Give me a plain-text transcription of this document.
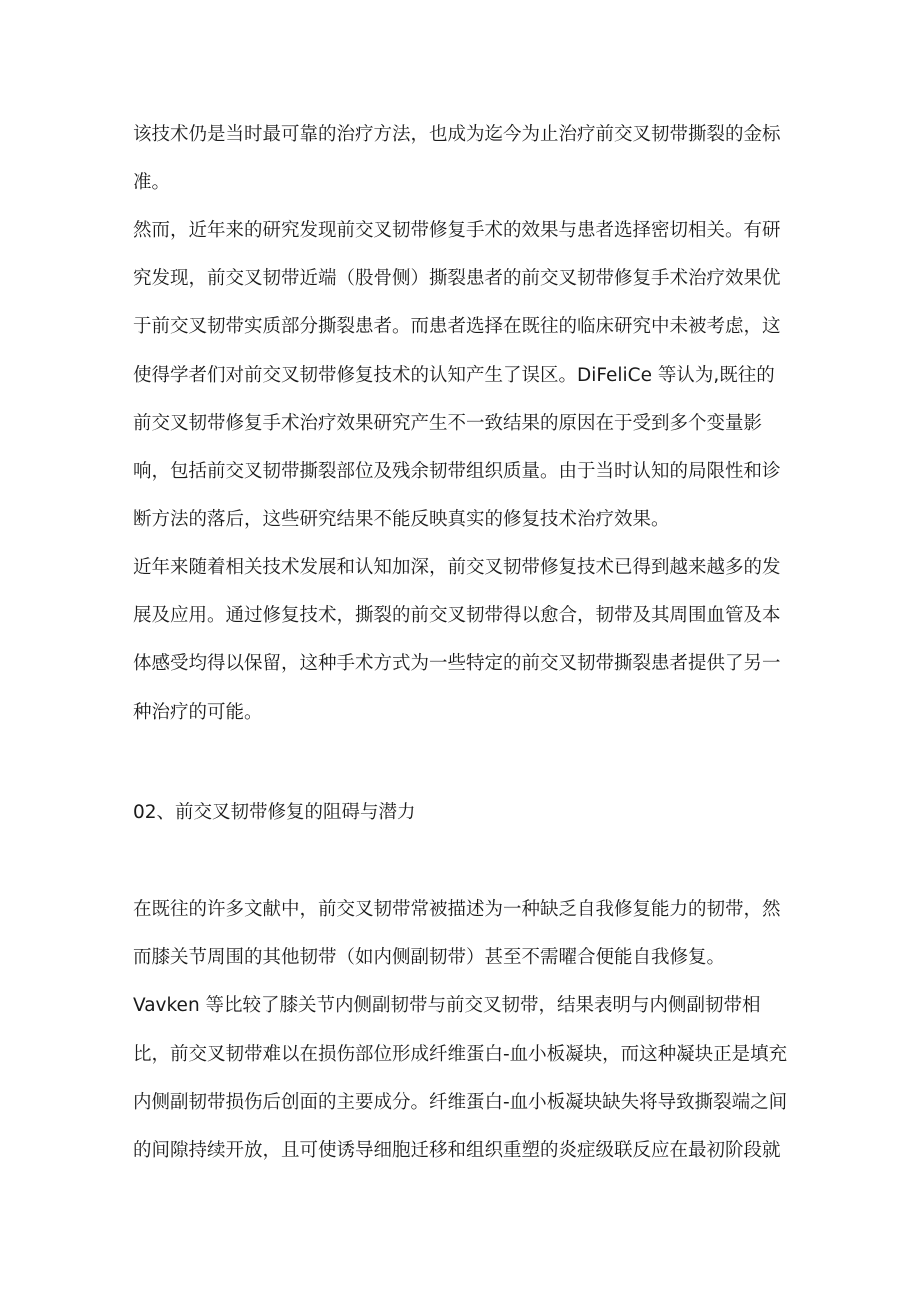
该技术仍是当时最可靠的治疗方法，也成为迄今为止治疗前交叉韧带撕裂的金标
准。
然而，近年来的研究发现前交叉韧带修复手术的效果与患者选择密切相关。有研
究发现，前交叉韧带近端（股骨侧）撕裂患者的前交叉韧带修复手术治疗效果优
于前交叉韧带实质部分撕裂患者。而患者选择在既往的临床研究中未被考虑，这
使得学者们对前交叉韧带修复技术的认知产生了误区。DiFeliCe 等认为,既往的
前交叉韧带修复手术治疗效果研究产生不一致结果的原因在于受到多个变量影
响，包括前交叉韧带撕裂部位及残余韧带组织质量。由于当时认知的局限性和诊
断方法的落后，这些研究结果不能反映真实的修复技术治疗效果。
近年来随着相关技术发展和认知加深，前交叉韧带修复技术已得到越来越多的发
展及应用。通过修复技术，撕裂的前交叉韧带得以愈合，韧带及其周围血管及本
体感受均得以保留，这种手术方式为一些特定的前交叉韧带撕裂患者提供了另一
种治疗的可能。
02、前交叉韧带修复的阻碍与潜力
在既往的许多文献中，前交叉韧带常被描述为一种缺乏自我修复能力的韧带，然
而膝关节周围的其他韧带（如内侧副韧带）甚至不需曜合便能自我修复。
Vavken 等比较了膝关节内侧副韧带与前交叉韧带，结果表明与内侧副韧带相
比，前交叉韧带难以在损伤部位形成纤维蛋白-血小板凝块，而这种凝块正是填充
内侧副韧带损伤后创面的主要成分。纤维蛋白-血小板凝块缺失将导致撕裂端之间
的间隙持续开放，且可使诱导细胞迁移和组织重塑的炎症级联反应在最初阶段就
